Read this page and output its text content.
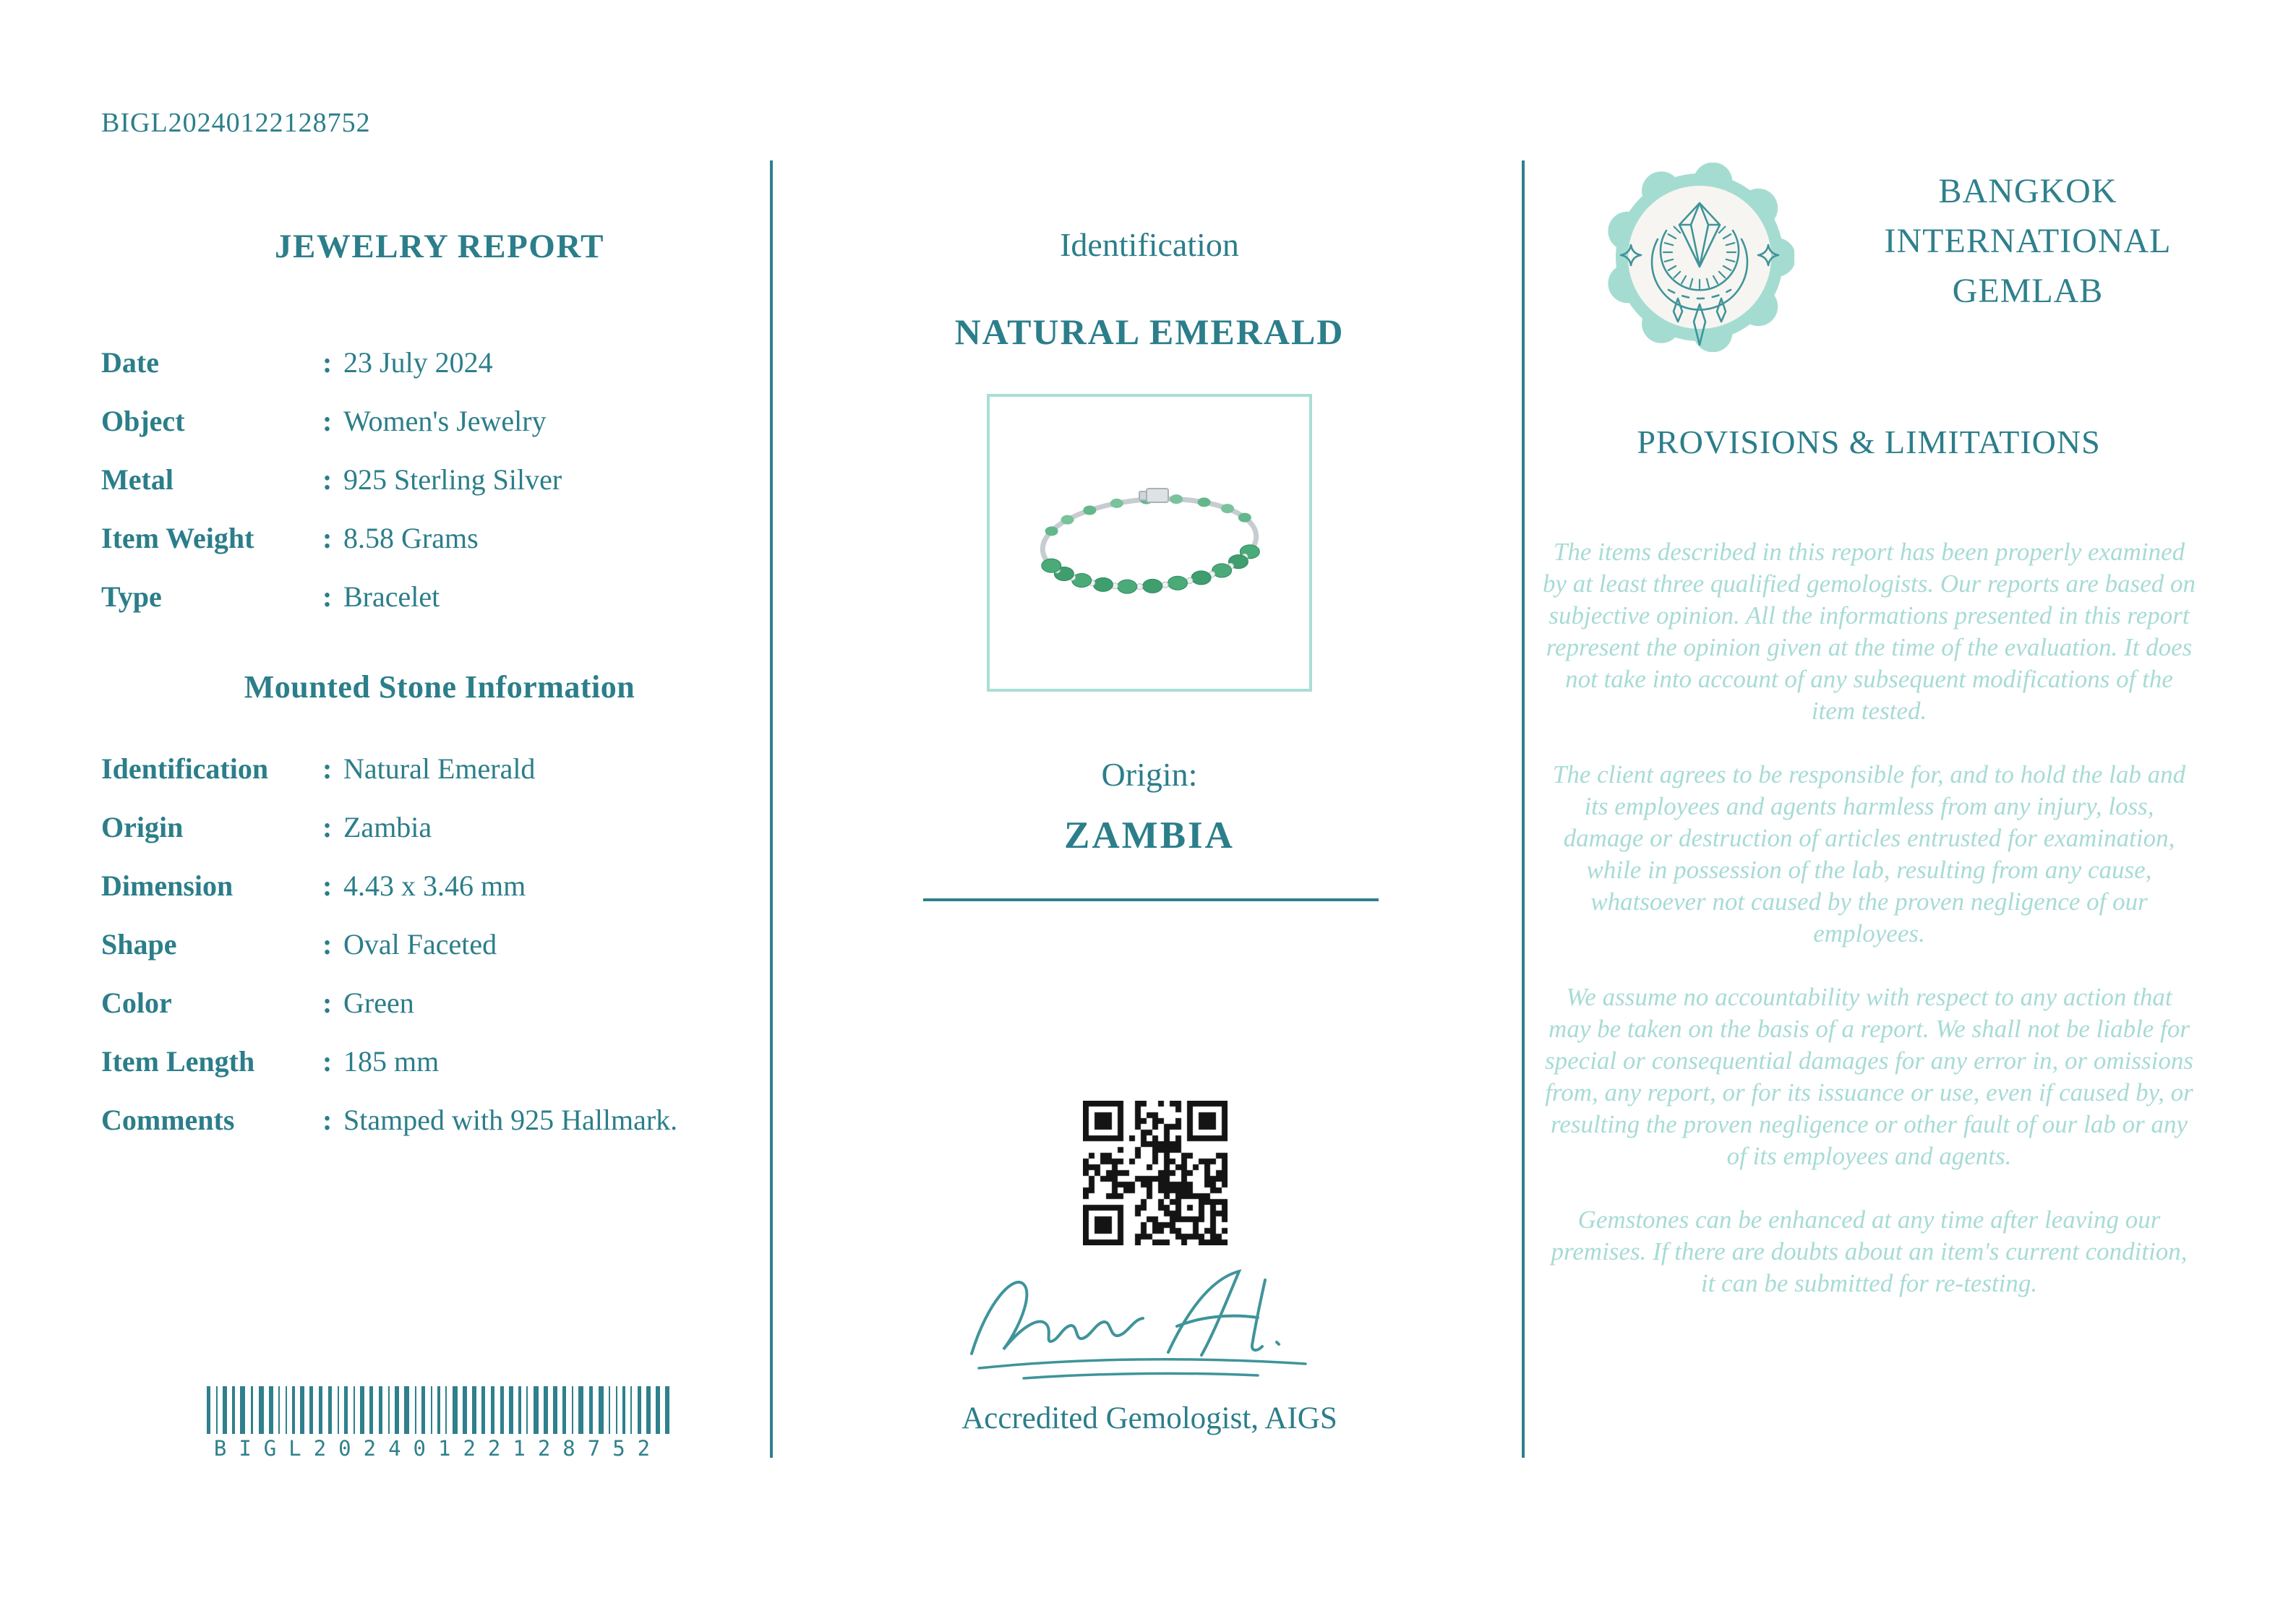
BIGL20240122128752
JEWELRY REPORT
Date	: 23 July 2024
Object	: Women's Jewelry
Metal	: 925 Sterling Silver
Item Weight	: 8.58 Grams
Type	: Bracelet
Mounted Stone Information
Identification	: Natural Emerald
Origin	: Zambia
Dimension	: 4.43 x 3.46 mm
Shape	: Oval Faceted
Color	: Green
Item Length	: 185 mm
Comments	: Stamped with 925 Hallmark.
BIGL20240122128752
Identification
NATURAL EMERALD
Origin:
ZAMBIA
Accredited Gemologist, AIGS
BANGKOK
INTERNATIONAL
GEMLAB
PROVISIONS & LIMITATIONS

The items described in this report has been properly examined by at least three qualified gemologists. Our reports are based on subjective opinion. All the informations presented in this report represent the opinion given at the time of the evaluation. It does not take into account of any subsequent modifications of the item tested.

The client agrees to be responsible for, and to hold the lab and its employees and agents harmless from any injury, loss, damage or destruction of articles entrusted for examination, while in possession of the lab, resulting from any cause, whatsoever not caused by the proven negligence of our employees.

We assume no accountability with respect to any action that may be taken on the basis of a report. We shall not be liable for special or consequential damages for any error in, or omissions from, any report, or for its issuance or use, even if caused by, or resulting the proven negligence or other fault of our lab or any of its employees and agents.

Gemstones can be enhanced at any time after leaving our premises. If there are doubts about an item's current condition, it can be submitted for re-testing.
